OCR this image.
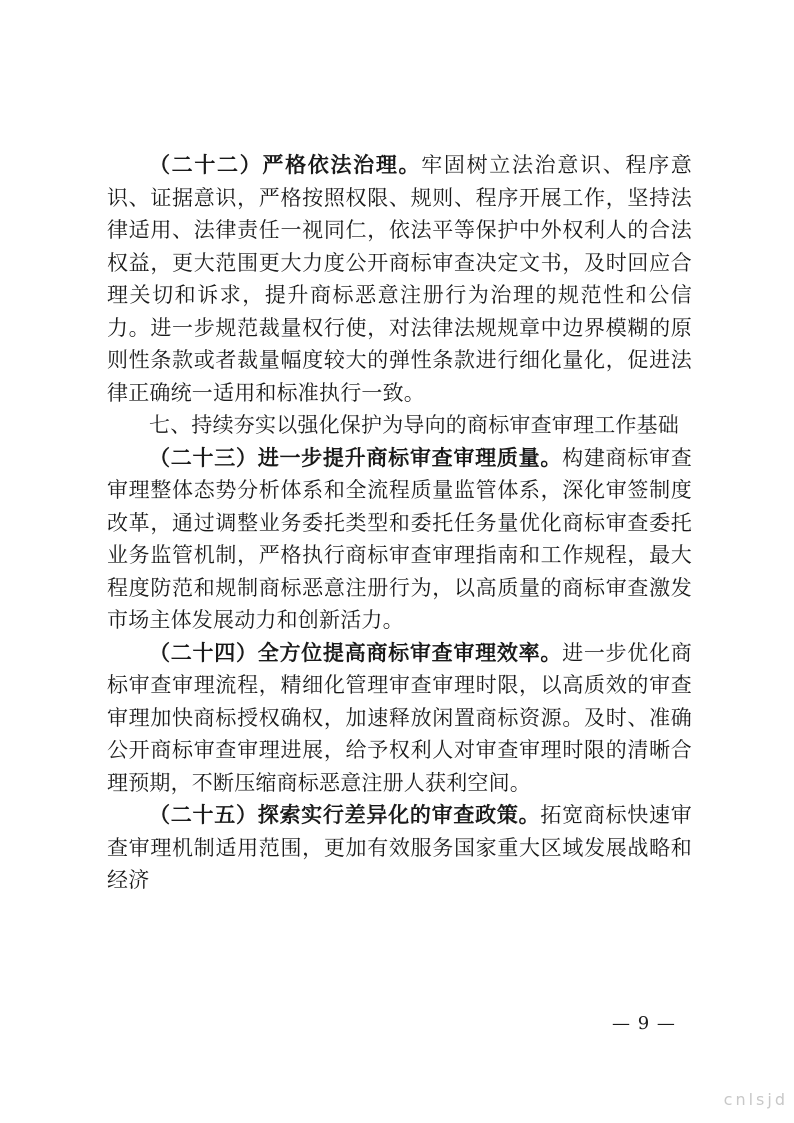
（二十二）严格依法治理。牢固树立法治意识、程序意识、证据意识，严格按照权限、规则、程序开展工作，坚持法律适用、法律责任一视同仁，依法平等保护中外权利人的合法权益，更大范围更大力度公开商标审查决定文书，及时回应合理关切和诉求，提升商标恶意注册行为治理的规范性和公信力。进一步规范裁量权行使，对法律法规规章中边界模糊的原则性条款或者裁量幅度较大的弹性条款进行细化量化，促进法律正确统一适用和标准执行一致。

七、持续夯实以强化保护为导向的商标审查审理工作基础

（二十三）进一步提升商标审查审理质量。构建商标审查审理整体态势分析体系和全流程质量监管体系，深化审签制度改革，通过调整业务委托类型和委托任务量优化商标审查委托业务监管机制，严格执行商标审查审理指南和工作规程，最大程度防范和规制商标恶意注册行为，以高质量的商标审查激发市场主体发展动力和创新活力。

（二十四）全方位提高商标审查审理效率。进一步优化商标审查审理流程，精细化管理审查审理时限，以高质效的审查审理加快商标授权确权，加速释放闲置商标资源。及时、准确公开商标审查审理进展，给予权利人对审查审理时限的清晰合理预期，不断压缩商标恶意注册人获利空间。

（二十五）探索实行差异化的审查政策。拓宽商标快速审查审理机制适用范围，更加有效服务国家重大区域发展战略和经济

— 9 —
cnlsjd
